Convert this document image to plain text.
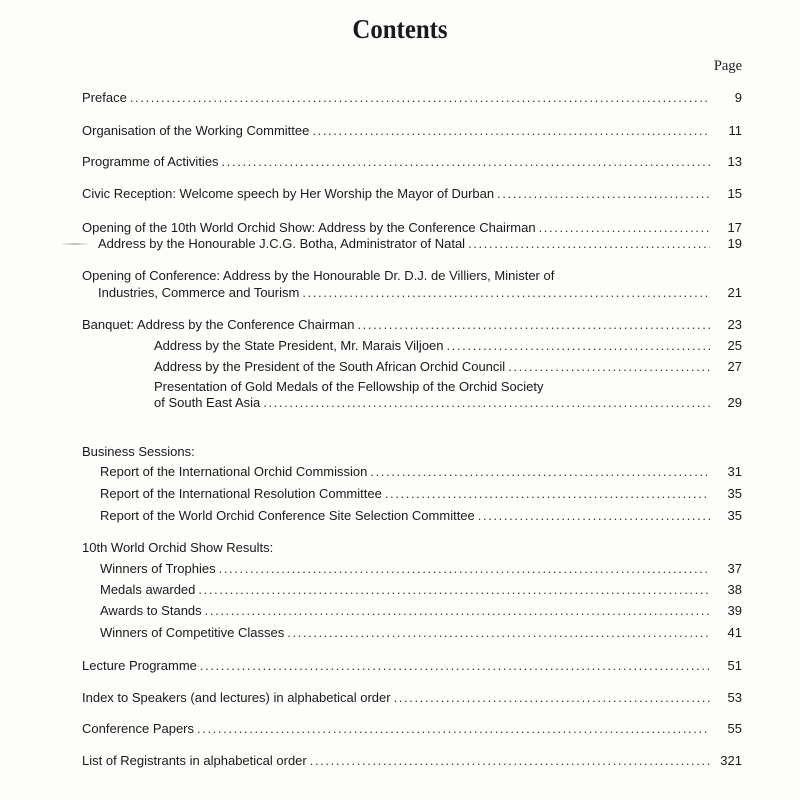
Contents
Page
Preface . . .	9
Organisation of the Working Committee . . .	11
Programme of Activities . . .	13
Civic Reception: Welcome speech by Her Worship the Mayor of Durban . . .	15
Opening of the 10th World Orchid Show: Address by the Conference Chairman . . .	17
Address by the Honourable J.C.G. Botha, Administrator of Natal . . .	19
Opening of Conference: Address by the Honourable Dr. D.J. de Villiers, Minister of
Industries, Commerce and Tourism . . .	21
Banquet: Address by the Conference Chairman . . .	23
Address by the State President, Mr. Marais Viljoen . . .	25
Address by the President of the South African Orchid Council . . .	27
Presentation of Gold Medals of the Fellowship of the Orchid Society
of South East Asia . . .	29
Business Sessions:
Report of the International Orchid Commission . . .	31
Report of the International Resolution Committee . . .	35
Report of the World Orchid Conference Site Selection Committee . . .	35
10th World Orchid Show Results:
Winners of Trophies . . .	37
Medals awarded . . .	38
Awards to Stands . . .	39
Winners of Competitive Classes . . .	41
Lecture Programme . . .	51
Index to Speakers (and lectures) in alphabetical order . . .	53
Conference Papers . . .	55
List of Registrants in alphabetical order . . .	321
